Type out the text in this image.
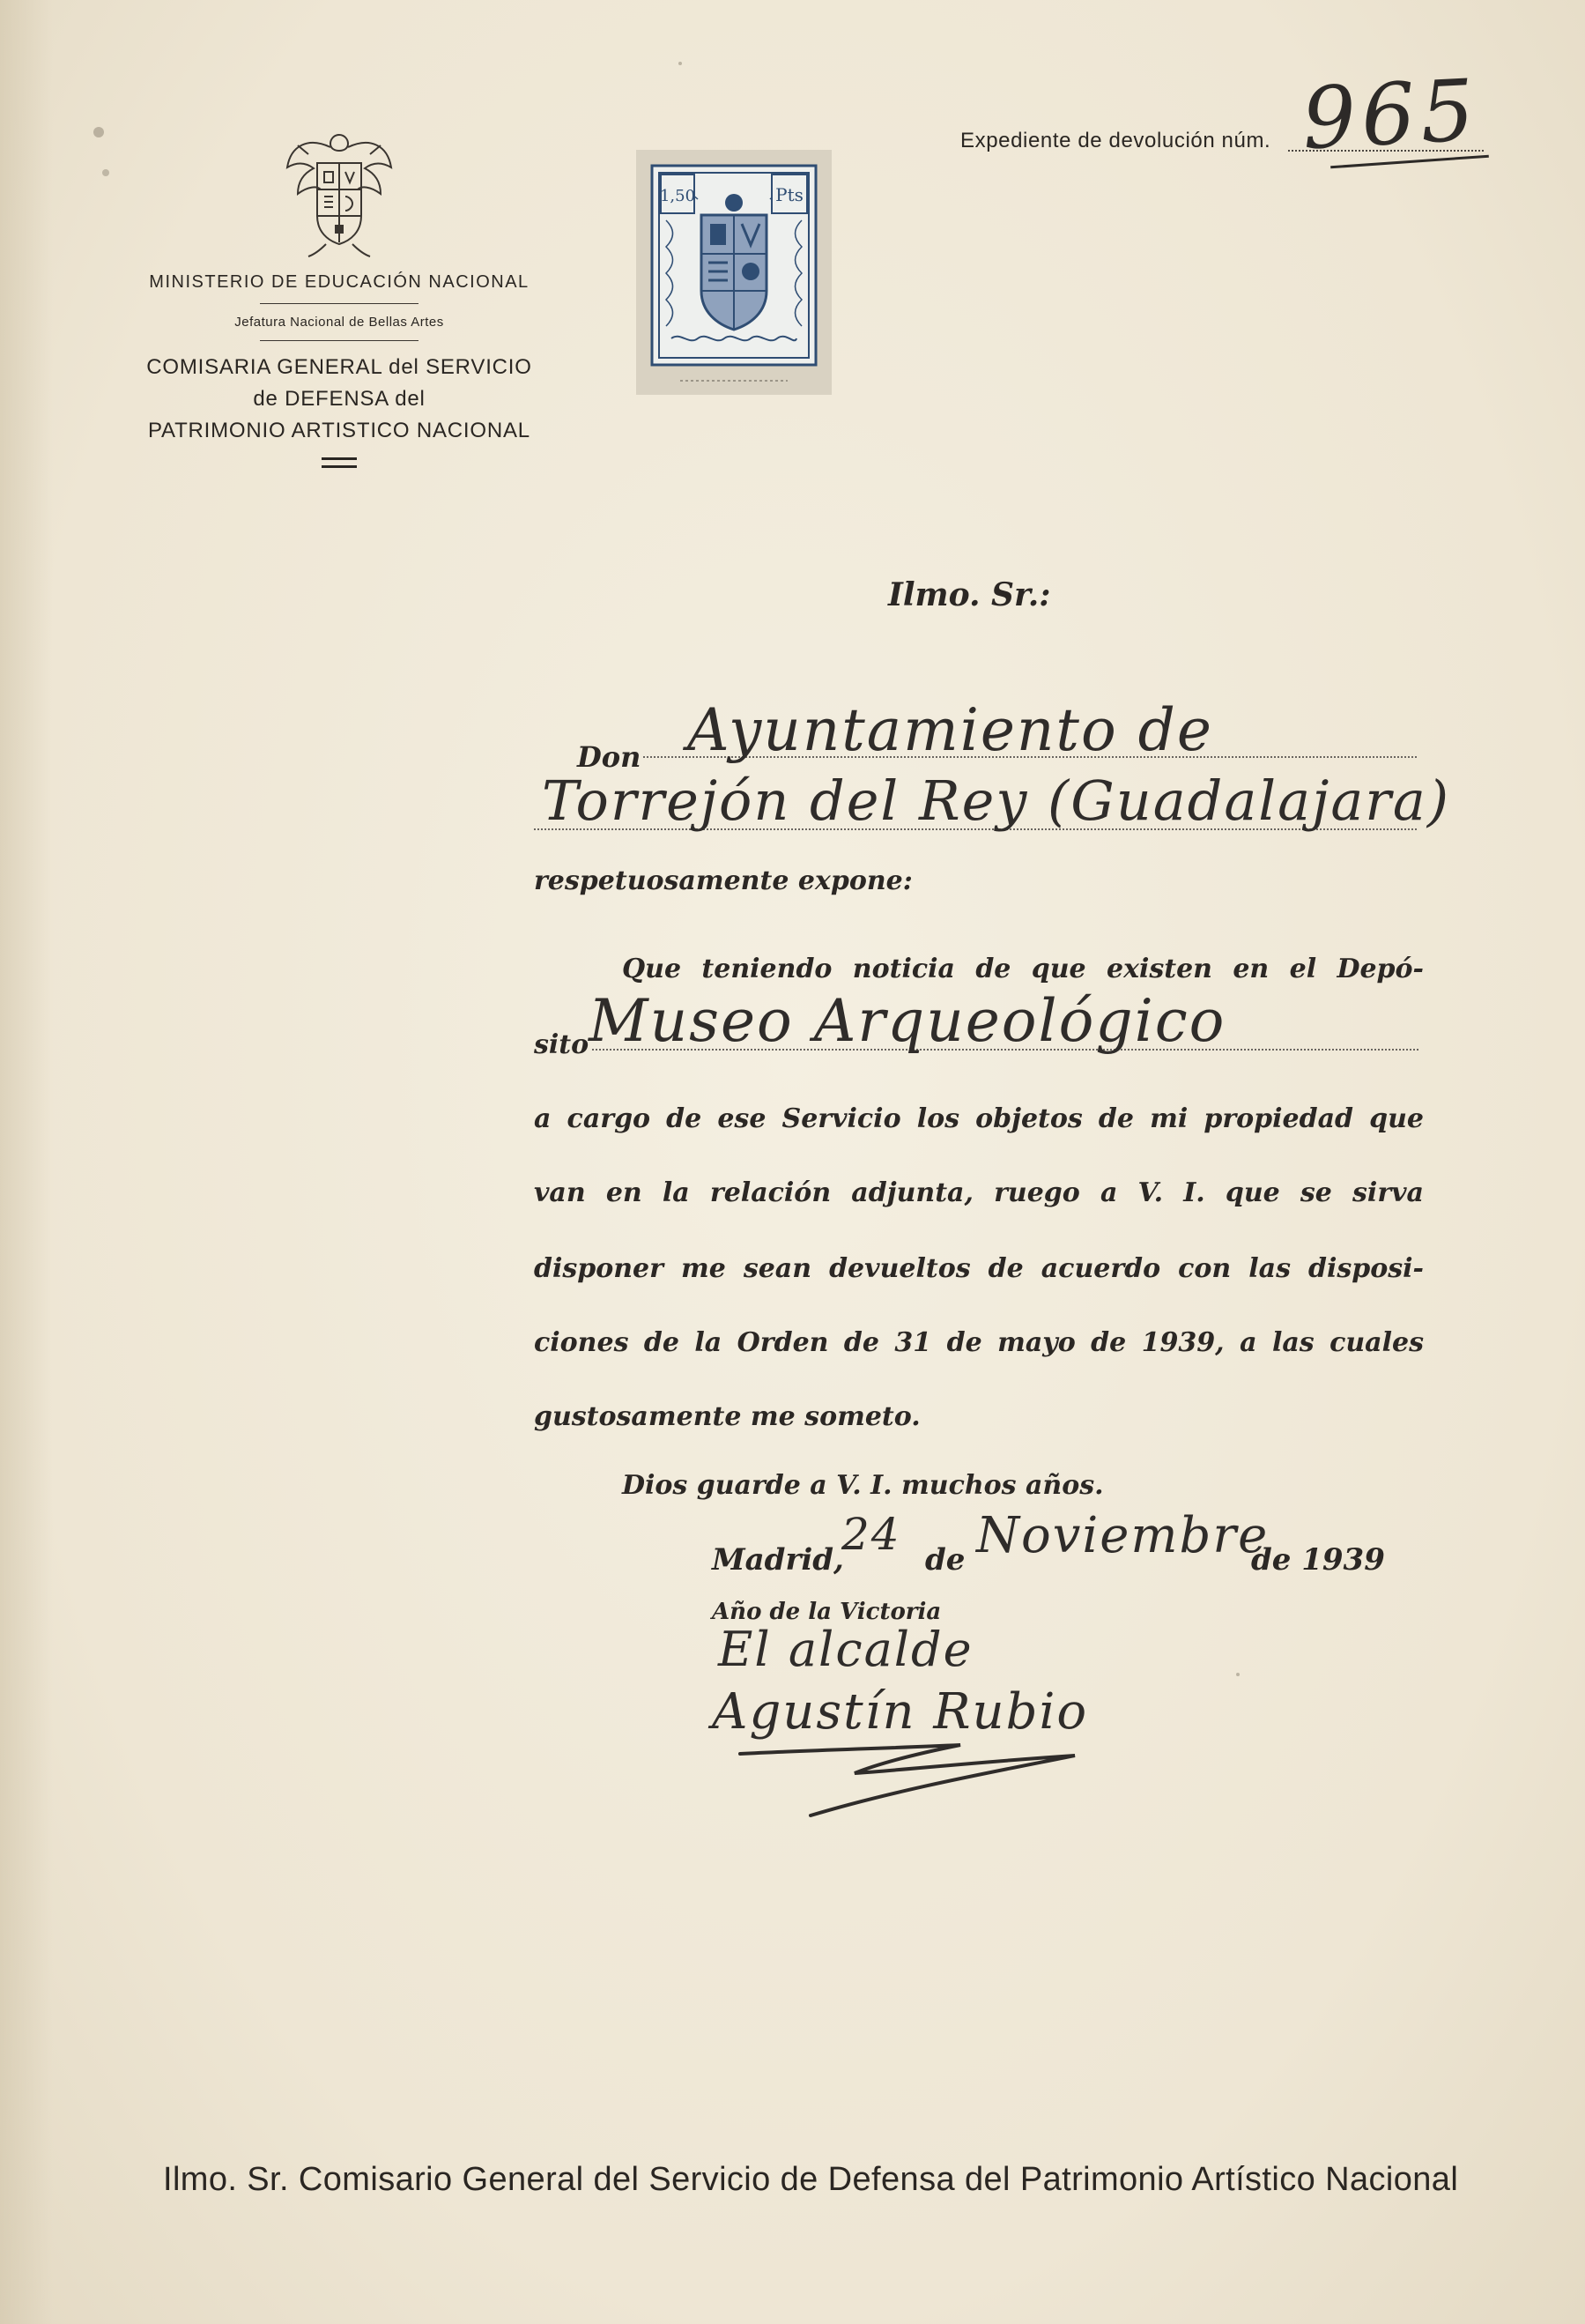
MINISTERIO DE EDUCACIÓN NACIONAL
Jefatura Nacional de Bellas Artes
COMISARIA GENERAL del SERVICIO
de DEFENSA del
PATRIMONIO ARTISTICO NACIONAL
1,50	Pts
Expediente de devolución núm. 965
Ilmo. Sr.:
Don Ayuntamiento de
Torrejón del Rey (Guadalajara)
respetuosamente expone:
Que teniendo noticia de que existen en el Depó-
sito Museo Arqueológico
a cargo de ese Servicio los objetos de mi propiedad que
van en la relación adjunta, ruego a V. I. que se sirva
disponer me sean devueltos de acuerdo con las disposi-
ciones de la Orden de 31 de mayo de 1939, a las cuales
gustosamente me someto.
Dios guarde a V. I. muchos años.
Madrid,
24 de Noviembre
de 1939
Año de la Victoria
El alcalde
Agustín Rubio
Ilmo. Sr. Comisario General del Servicio de Defensa del Patrimonio Artístico Nacional
